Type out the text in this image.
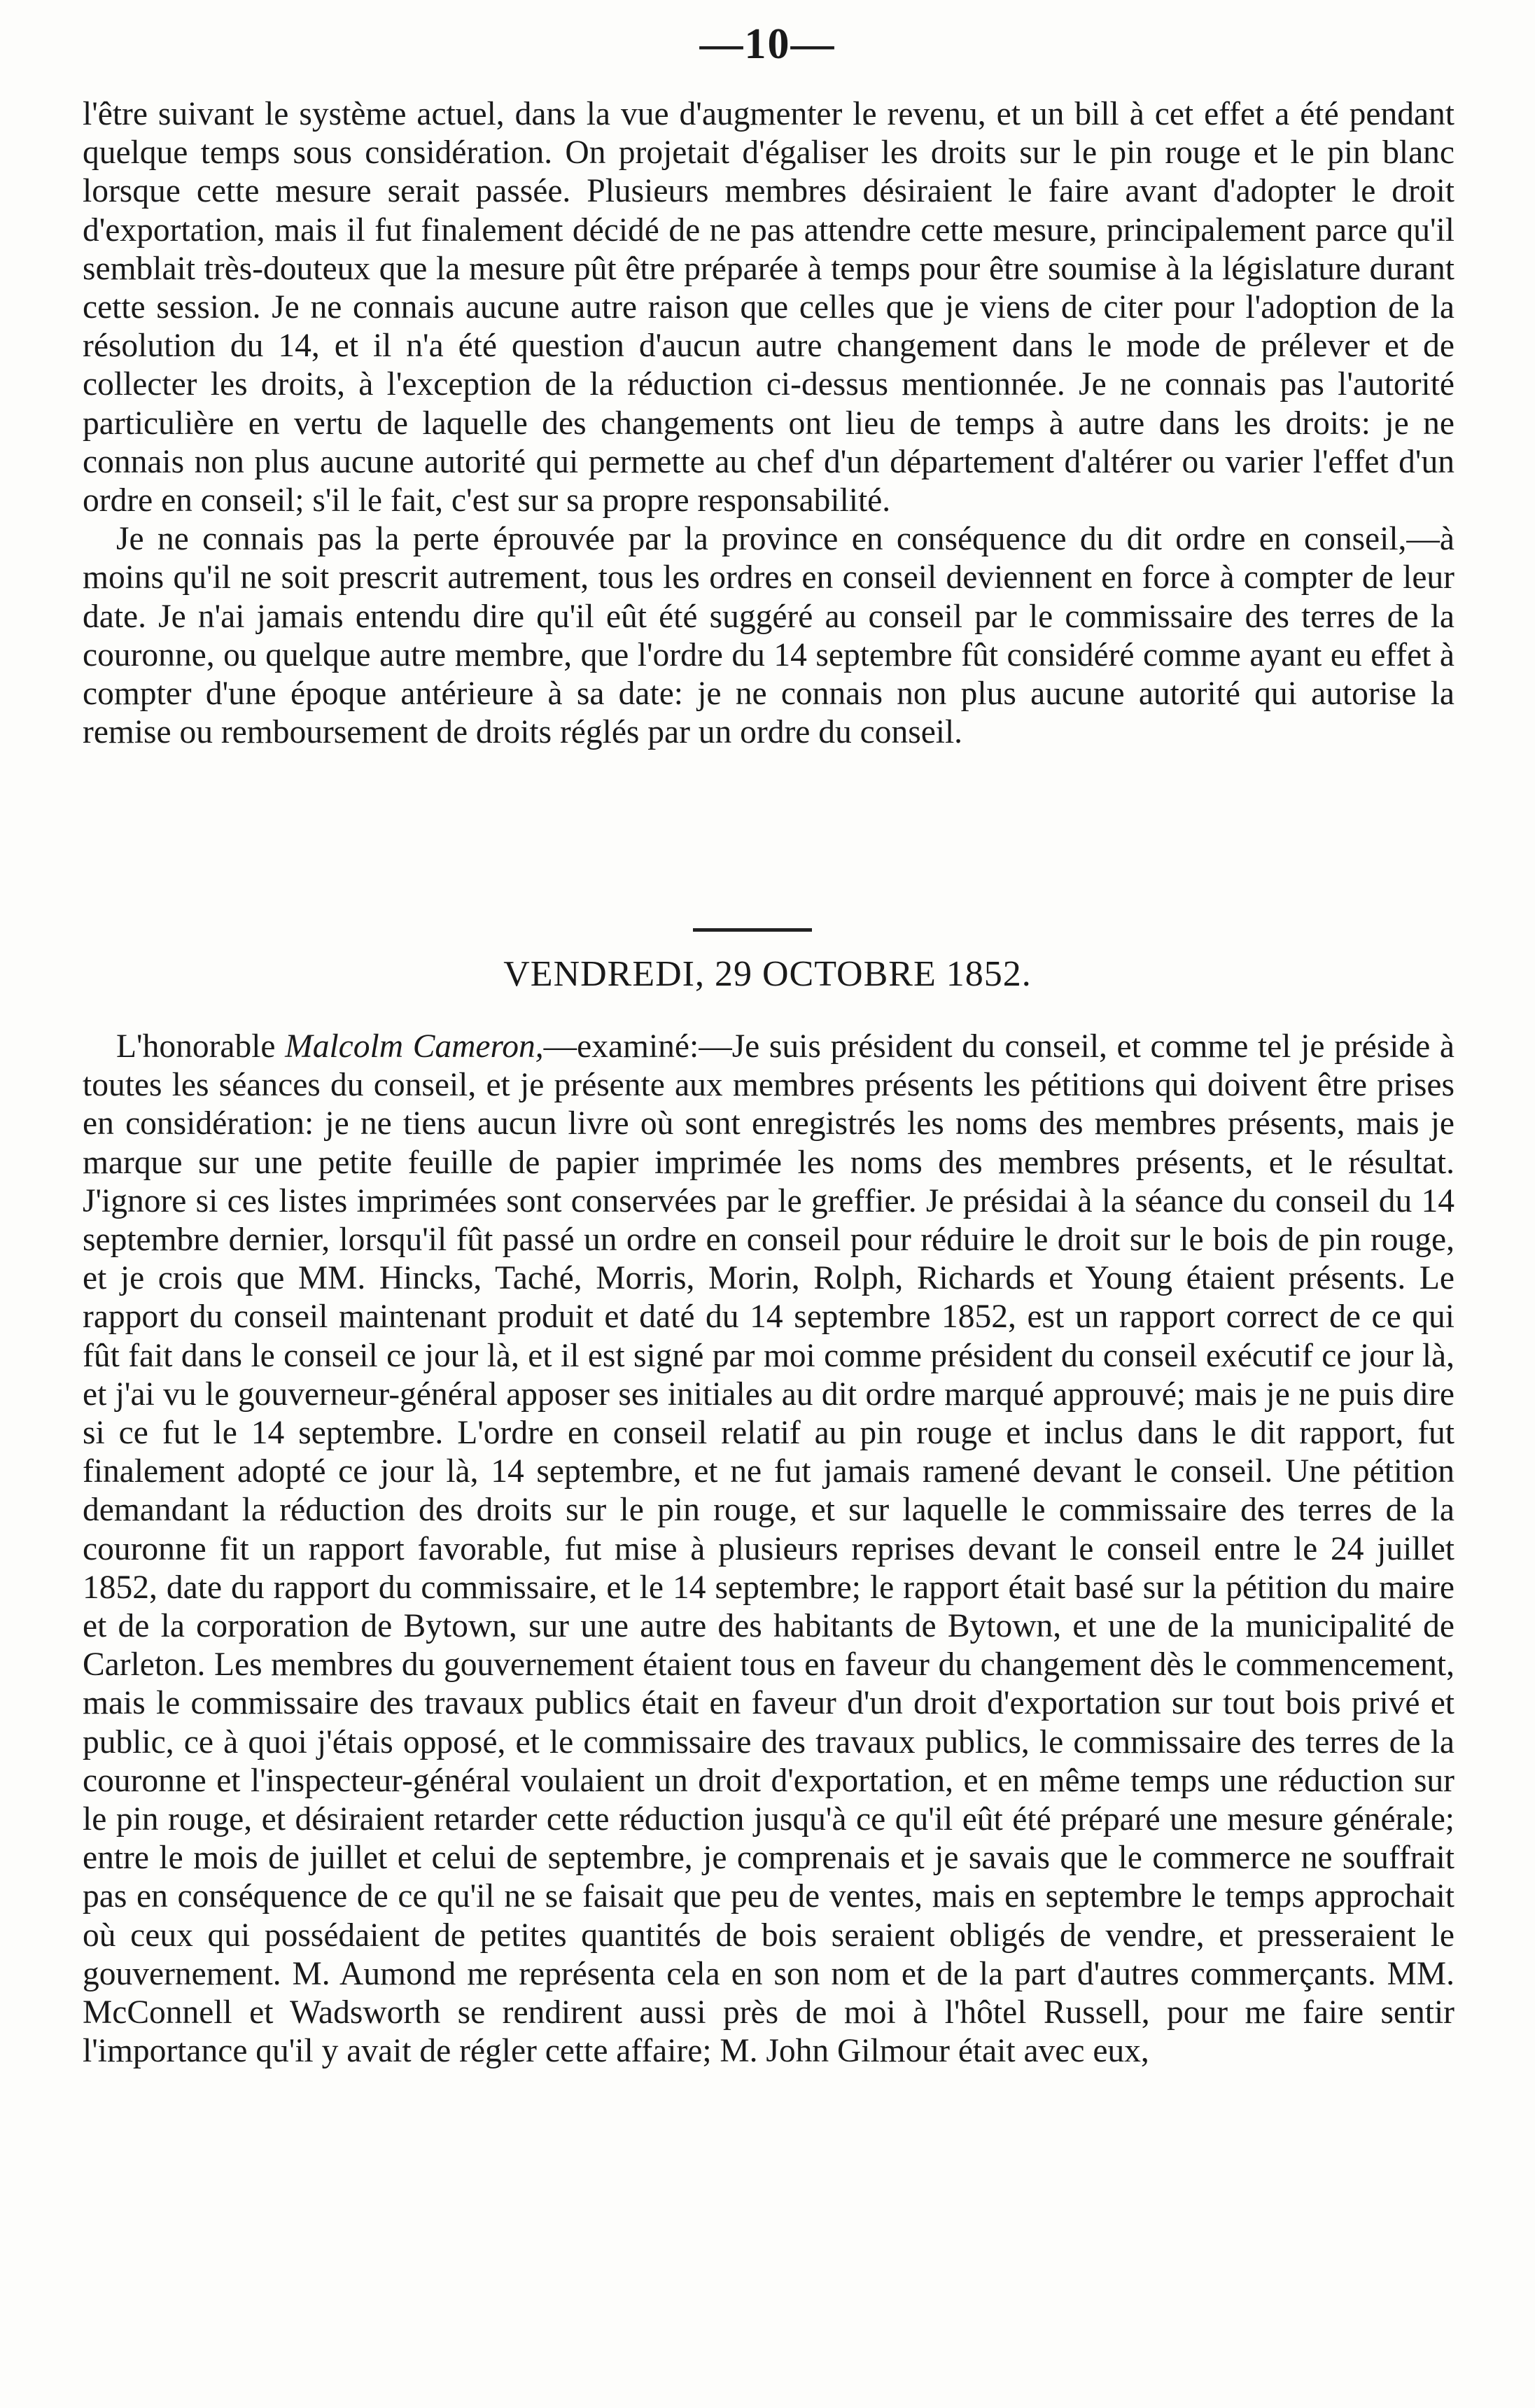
—10—

l'être suivant le système actuel, dans la vue d'augmenter le revenu, et un bill à cet effet a été pendant quelque temps sous considération. On projetait d'égaliser les droits sur le pin rouge et le pin blanc lorsque cette mesure serait passée. Plusieurs membres désiraient le faire avant d'adopter le droit d'exportation, mais il fut finalement décidé de ne pas attendre cette mesure, principalement parce qu'il semblait très-douteux que la mesure pût être préparée à temps pour être soumise à la législature durant cette session. Je ne connais aucune autre raison que celles que je viens de citer pour l'adoption de la résolution du 14, et il n'a été question d'aucun autre changement dans le mode de prélever et de collecter les droits, à l'exception de la réduction ci-dessus mentionnée. Je ne connais pas l'autorité particulière en vertu de laquelle des changements ont lieu de temps à autre dans les droits: je ne connais non plus aucune autorité qui permette au chef d'un département d'altérer ou varier l'effet d'un ordre en conseil; s'il le fait, c'est sur sa propre responsabilité.

Je ne connais pas la perte éprouvée par la province en conséquence du dit ordre en conseil,—à moins qu'il ne soit prescrit autrement, tous les ordres en conseil deviennent en force à compter de leur date. Je n'ai jamais entendu dire qu'il eût été suggéré au conseil par le commissaire des terres de la couronne, ou quelque autre membre, que l'ordre du 14 septembre fût considéré comme ayant eu effet à compter d'une époque antérieure à sa date: je ne connais non plus aucune autorité qui autorise la remise ou remboursement de droits réglés par un ordre du conseil.

VENDREDI, 29 OCTOBRE 1852.

L'honorable Malcolm Cameron,—examiné:—Je suis président du conseil, et comme tel je préside à toutes les séances du conseil, et je présente aux membres présents les pétitions qui doivent être prises en considération: je ne tiens aucun livre où sont enregistrés les noms des membres présents, mais je marque sur une petite feuille de papier imprimée les noms des membres présents, et le résultat. J'ignore si ces listes imprimées sont conservées par le greffier. Je présidai à la séance du conseil du 14 septembre dernier, lorsqu'il fût passé un ordre en conseil pour réduire le droit sur le bois de pin rouge, et je crois que MM. Hincks, Taché, Morris, Morin, Rolph, Richards et Young étaient présents. Le rapport du conseil maintenant produit et daté du 14 septembre 1852, est un rapport correct de ce qui fût fait dans le conseil ce jour là, et il est signé par moi comme président du conseil exécutif ce jour là, et j'ai vu le gouverneur-général apposer ses initiales au dit ordre marqué approuvé; mais je ne puis dire si ce fut le 14 septembre. L'ordre en conseil relatif au pin rouge et inclus dans le dit rapport, fut finalement adopté ce jour là, 14 septembre, et ne fut jamais ramené devant le conseil. Une pétition demandant la réduction des droits sur le pin rouge, et sur laquelle le commissaire des terres de la couronne fit un rapport favorable, fut mise à plusieurs reprises devant le conseil entre le 24 juillet 1852, date du rapport du commissaire, et le 14 septembre; le rapport était basé sur la pétition du maire et de la corporation de Bytown, sur une autre des habitants de Bytown, et une de la municipalité de Carleton. Les membres du gouvernement étaient tous en faveur du changement dès le commencement, mais le commissaire des travaux publics était en faveur d'un droit d'exportation sur tout bois privé et public, ce à quoi j'étais opposé, et le commissaire des travaux publics, le commissaire des terres de la couronne et l'inspecteur-général voulaient un droit d'exportation, et en même temps une réduction sur le pin rouge, et désiraient retarder cette réduction jusqu'à ce qu'il eût été préparé une mesure générale; entre le mois de juillet et celui de septembre, je comprenais et je savais que le commerce ne souffrait pas en conséquence de ce qu'il ne se faisait que peu de ventes, mais en septembre le temps approchait où ceux qui possédaient de petites quantités de bois seraient obligés de vendre, et presseraient le gouvernement. M. Aumond me représenta cela en son nom et de la part d'autres commerçants. MM. McConnell et Wadsworth se rendirent aussi près de moi à l'hôtel Russell, pour me faire sentir l'importance qu'il y avait de régler cette affaire; M. John Gilmour était avec eux,
